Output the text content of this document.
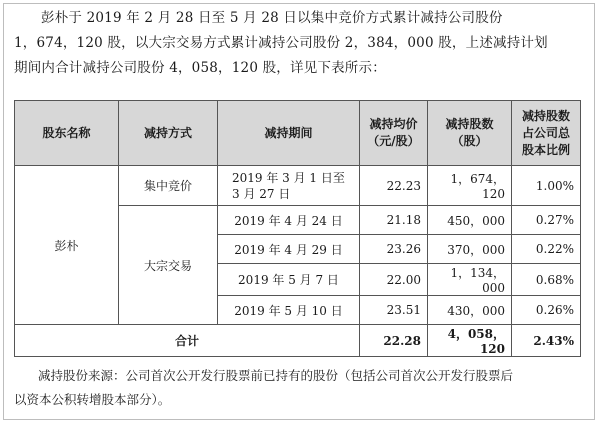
彭朴于 2019 年 2 月 28 日至 5 月 28 日以集中竞价方式累计减持公司股份
1，674，120 股，以大宗交易方式累计减持公司股份 2，384，000 股，上述减持计划
期间内合计减持公司股份 4，058，120 股，详见下表所示：
股东名称	减持方式	减持期间	减持均价（元/股）	减持股数（股）	减持股数占公司总股本比例
彭朴	集中竞价	2019 年 3 月 1 日至 3 月 27 日	22.23	1，674，120	1.00%
	大宗交易	2019 年 4 月 24 日	21.18	450，000	0.27%
		2019 年 4 月 29 日	23.26	370，000	0.22%
		2019 年 5 月 7 日	22.00	1，134，000	0.68%
		2019 年 5 月 10 日	23.51	430，000	0.26%

合计			22.28	4，058，120	2.43%
减持股份来源：公司首次公开发行股票前已持有的股份（包括公司首次公开发行股票后
以资本公积转增股本部分）。
